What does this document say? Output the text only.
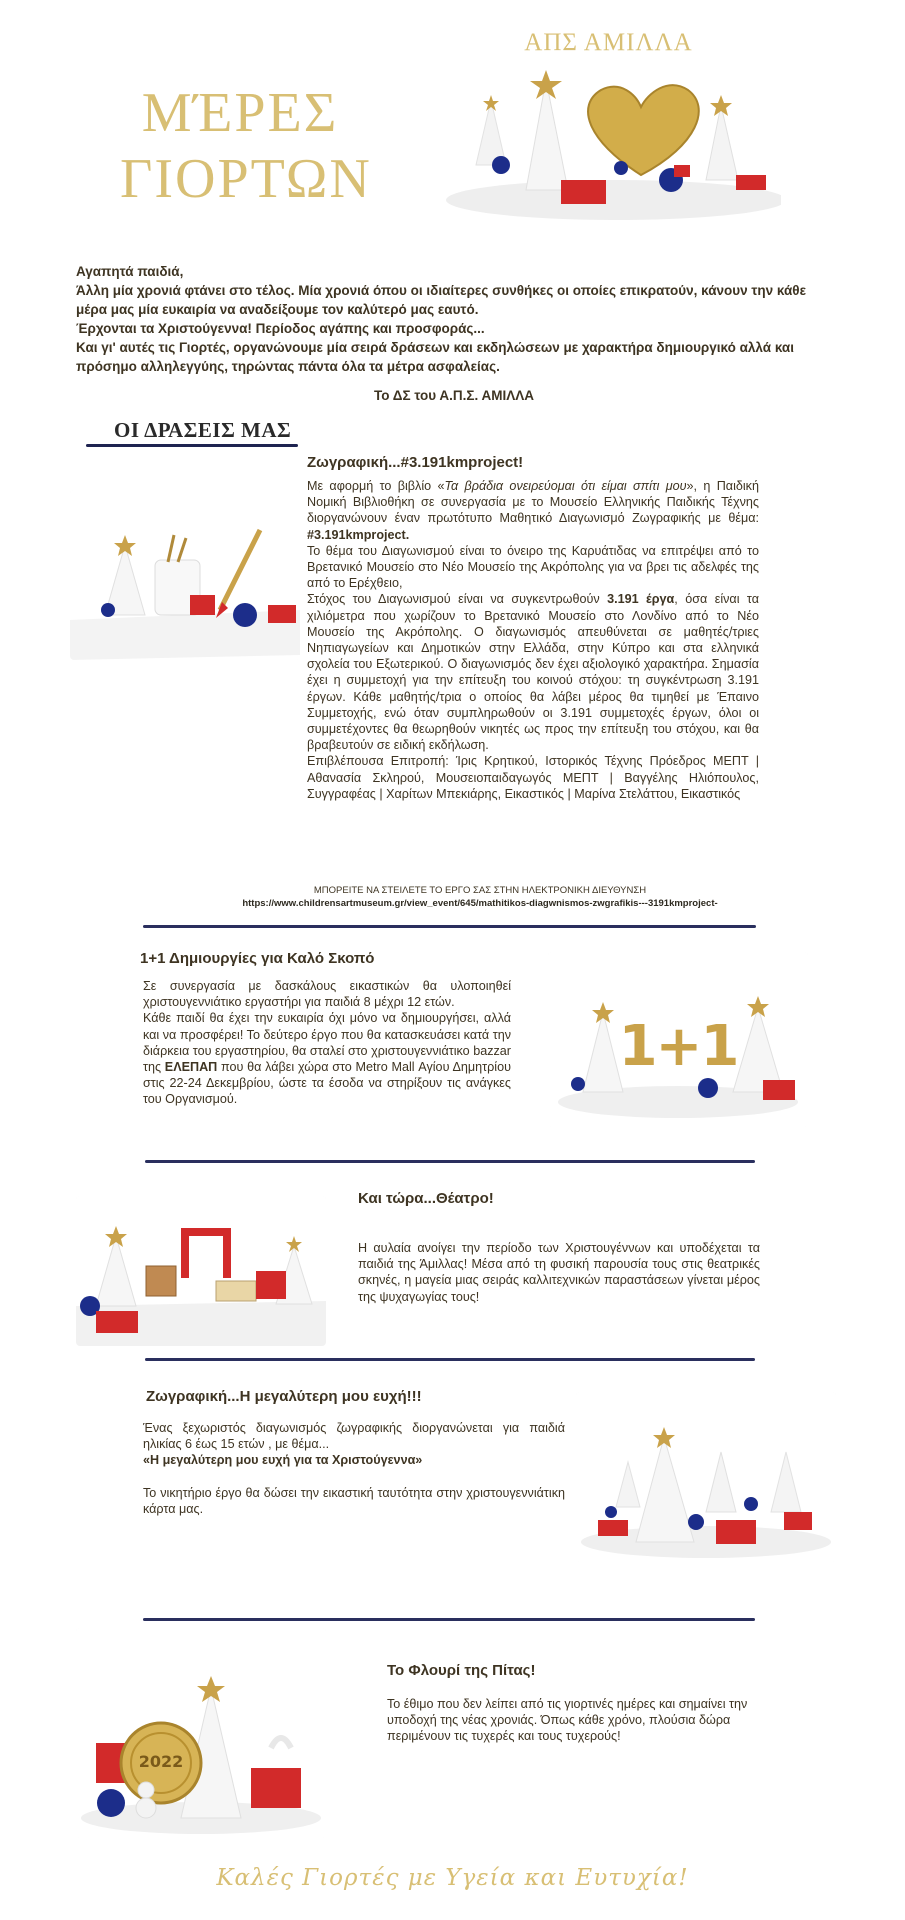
ΜΈΡΕΣ
ΓΙΟΡΤΩΝ
ΑΠΣ ΑΜΙΛΛΑ
Αγαπητά παιδιά,
Άλλη μία χρονιά φτάνει στο τέλος. Μία χρονιά όπου οι ιδιαίτερες συνθήκες οι οποίες επικρατούν, κάνουν την κάθε μέρα μας μία ευκαιρία να αναδείξουμε τον καλύτερό μας εαυτό.
Έρχονται τα Χριστούγεννα! Περίοδος αγάπης και προσφοράς...
Και γι' αυτές τις Γιορτές, οργανώνουμε μία σειρά δράσεων και εκδηλώσεων με χαρακτήρα δημιουργικό αλλά και πρόσημο αλληλεγγύης, τηρώντας πάντα όλα τα μέτρα ασφαλείας.
Το ΔΣ του Α.Π.Σ. ΑΜΙΛΛΑ
ΟΙ ΔΡΑΣΕΙΣ ΜΑΣ
Ζωγραφική...#3.191kmproject!
Με αφορμή το βιβλίο «Τα βράδια ονειρεύομαι ότι είμαι σπίτι μου», η Παιδική Νομική Βιβλιοθήκη σε συνεργασία με το Μουσείο Ελληνικής Παιδικής Τέχνης διοργανώνουν έναν πρωτότυπο Μαθητικό Διαγωνισμό Ζωγραφικής με θέμα: #3.191kmproject.
Το θέμα του Διαγωνισμού είναι το όνειρο της Καρυάτιδας να επιτρέψει από το Βρετανικό Μουσείο στο Νέο Μουσείο της Ακρόπολης για να βρει τις αδελφές της από το Ερέχθειο,
Στόχος του Διαγωνισμού είναι να συγκεντρωθούν 3.191 έργα, όσα είναι τα χιλιόμετρα που χωρίζουν το Βρετανικό Μουσείο στο Λονδίνο από το Νέο Μουσείο της Ακρόπολης. Ο διαγωνισμός απευθύνεται σε μαθητές/τριες Νηπιαγωγείων και Δημοτικών στην Ελλάδα, στην Κύπρο και στα ελληνικά σχολεία του Εξωτερικού. Ο διαγωνισμός δεν έχει αξιολογικό χαρακτήρα. Σημασία έχει η συμμετοχή για την επίτευξη του κοινού στόχου: τη συγκέντρωση 3.191 έργων. Κάθε μαθητής/τρια ο οποίος θα λάβει μέρος θα τιμηθεί με Έπαινο Συμμετοχής, ενώ όταν συμπληρωθούν οι 3.191 συμμετοχές έργων, όλοι οι συμμετέχοντες θα θεωρηθούν νικητές ως προς την επίτευξη του στόχου, και θα βραβευτούν σε ειδική εκδήλωση.
Επιβλέπουσα Επιτροπή: Ίρις Κρητικού, Ιστορικός Τέχνης Πρόεδρος ΜΕΠΤ | Αθανασία Σκληρού, Μουσειοπαιδαγωγός ΜΕΠΤ | Βαγγέλης Ηλιόπουλος, Συγγραφέας | Χαρίτων Μπεκιάρης, Εικαστικός | Μαρίνα Στελάττου, Εικαστικός
ΜΠΟΡΕΙΤΕ ΝΑ ΣΤΕΙΛΕΤΕ ΤΟ ΕΡΓΟ ΣΑΣ ΣΤΗΝ ΗΛΕΚΤΡΟΝΙΚΗ ΔΙΕΥΘΥΝΣΗ
https://www.childrensartmuseum.gr/view_event/645/mathitikos-diagwnismos-zwgrafikis---3191kmproject-
1+1 Δημιουργίες για Καλό Σκοπό
Σε συνεργασία με δασκάλους εικαστικών θα υλοποιηθεί χριστουγεννιάτικο εργαστήρι για παιδιά 8 μέχρι 12 ετών.
Κάθε παιδί θα έχει την ευκαιρία όχι μόνο να δημιουργήσει, αλλά και να προσφέρει! Το δεύτερο έργο που θα κατασκευάσει κατά την διάρκεια του εργαστηρίου, θα σταλεί στο χριστουγεννιάτικο bazzar της ΕΛΕΠΑΠ που θα λάβει χώρα στο Metro Mall Αγίου Δημητρίου στις 22-24 Δεκεμβρίου, ώστε τα έσοδα να στηρίξουν τις ανάγκες του Οργανισμού.
1+1
Και τώρα...Θέατρο!
Η αυλαία ανοίγει την περίοδο των Χριστουγέννων και υποδέχεται τα παιδιά της Άμιλλας! Μέσα από τη φυσική παρουσία τους στις θεατρικές σκηνές, η μαγεία μιας σειράς καλλιτεχνικών παραστάσεων γίνεται μέρος της ψυχαγωγίας τους!
Ζωγραφική...Η μεγαλύτερη μου ευχή!!!
Ένας ξεχωριστός διαγωνισμός ζωγραφικής διοργανώνεται για παιδιά ηλικίας 6 έως 15 ετών , με θέμα...
«Η μεγαλύτερη μου ευχή για τα Χριστούγεννα»
Το νικητήριο έργο θα δώσει την εικαστική ταυτότητα στην χριστουγεννιάτικη κάρτα μας.
2022
Το Φλουρί της Πίτας!
Το έθιμο που δεν λείπει από τις γιορτινές ημέρες και σημαίνει την υποδοχή της νέας χρονιάς. Όπως κάθε χρόνο, πλούσια δώρα περιμένουν τις τυχερές και τους τυχερούς!
Καλές Γιορτές με Υγεία και Ευτυχία!
